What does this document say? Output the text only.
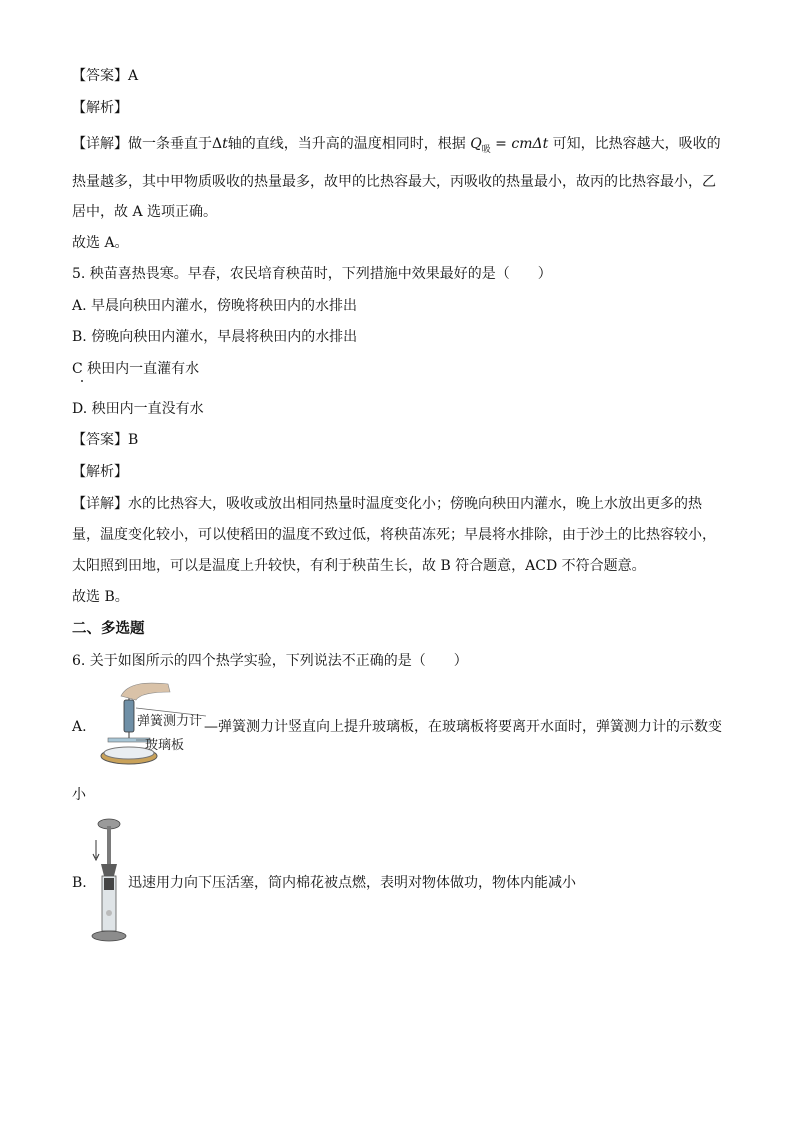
【答案】A
【解析】
【详解】做一条垂直于Δt轴的直线，当升高的温度相同时，根据 $Q_吸 = cm\Delta t$ 可知，比热容越大，吸收的
热量越多，其中甲物质吸收的热量最多，故甲的比热容最大，丙吸收的热量最小，故丙的比热容最小，乙
居中，故 A 选项正确。
故选 A。
5. 秧苗喜热畏寒。早春，农民培育秧苗时，下列措施中效果最好的是（　　）
A. 早晨向秧田内灌水，傍晚将秧田内的水排出
B. 傍晚向秧田内灌水，早晨将秧田内的水排出
C 秧田内一直灌有水
D. 秧田内一直没有水
【答案】B
【解析】
【详解】水的比热容大，吸收或放出相同热量时温度变化小；傍晚向秧田内灌水，晚上水放出更多的热
量，温度变化较小，可以使稻田的温度不致过低，将秧苗冻死；早晨将水排除，由于沙土的比热容较小，
太阳照到田地，可以是温度上升较快，有利于秧苗生长，故 B 符合题意，ACD 不符合题意。
故选 B。
二、多选题
6. 关于如图所示的四个热学实验，下列说法不正确的是（　　）
A.	弹簧测力计
玻璃板
—弹簧测力计竖直向上提升玻璃板，在玻璃板将要离开水面时，弹簧测力计的示数变
小
B.	迅速用力向下压活塞，筒内棉花被点燃，表明对物体做功，物体内能减小
